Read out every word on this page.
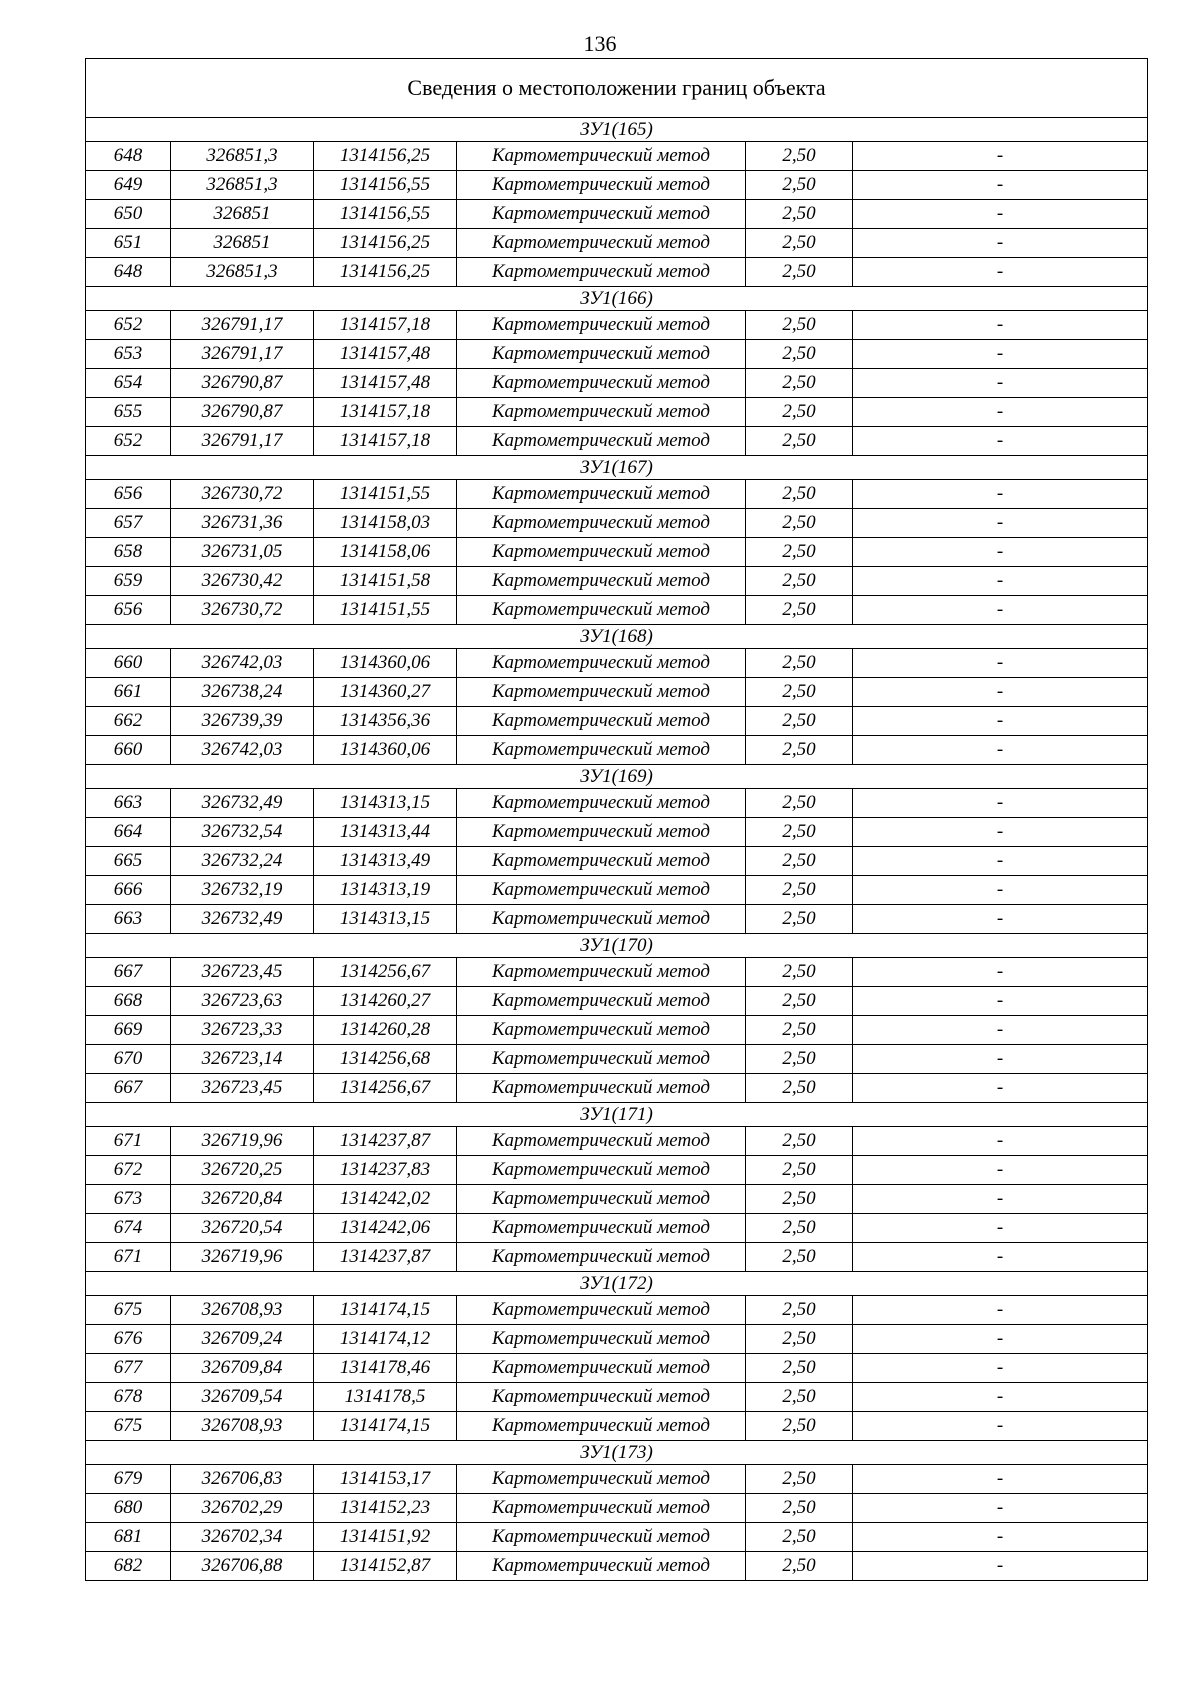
136
Сведения о местоположении границ объекта					
ЗУ1(165)					
648	326851,3	1314156,25	Картометрический метод	2,50	-
649	326851,3	1314156,55	Картометрический метод	2,50	-
650	326851	1314156,55	Картометрический метод	2,50	-
651	326851	1314156,25	Картометрический метод	2,50	-
648	326851,3	1314156,25	Картометрический метод	2,50	-
ЗУ1(166)					
652	326791,17	1314157,18	Картометрический метод	2,50	-
653	326791,17	1314157,48	Картометрический метод	2,50	-
654	326790,87	1314157,48	Картометрический метод	2,50	-
655	326790,87	1314157,18	Картометрический метод	2,50	-
652	326791,17	1314157,18	Картометрический метод	2,50	-
ЗУ1(167)					
656	326730,72	1314151,55	Картометрический метод	2,50	-
657	326731,36	1314158,03	Картометрический метод	2,50	-
658	326731,05	1314158,06	Картометрический метод	2,50	-
659	326730,42	1314151,58	Картометрический метод	2,50	-
656	326730,72	1314151,55	Картометрический метод	2,50	-
ЗУ1(168)					
660	326742,03	1314360,06	Картометрический метод	2,50	-
661	326738,24	1314360,27	Картометрический метод	2,50	-
662	326739,39	1314356,36	Картометрический метод	2,50	-
660	326742,03	1314360,06	Картометрический метод	2,50	-
ЗУ1(169)					
663	326732,49	1314313,15	Картометрический метод	2,50	-
664	326732,54	1314313,44	Картометрический метод	2,50	-
665	326732,24	1314313,49	Картометрический метод	2,50	-
666	326732,19	1314313,19	Картометрический метод	2,50	-
663	326732,49	1314313,15	Картометрический метод	2,50	-
ЗУ1(170)					
667	326723,45	1314256,67	Картометрический метод	2,50	-
668	326723,63	1314260,27	Картометрический метод	2,50	-
669	326723,33	1314260,28	Картометрический метод	2,50	-
670	326723,14	1314256,68	Картометрический метод	2,50	-
667	326723,45	1314256,67	Картометрический метод	2,50	-
ЗУ1(171)					
671	326719,96	1314237,87	Картометрический метод	2,50	-
672	326720,25	1314237,83	Картометрический метод	2,50	-
673	326720,84	1314242,02	Картометрический метод	2,50	-
674	326720,54	1314242,06	Картометрический метод	2,50	-
671	326719,96	1314237,87	Картометрический метод	2,50	-
ЗУ1(172)					
675	326708,93	1314174,15	Картометрический метод	2,50	-
676	326709,24	1314174,12	Картометрический метод	2,50	-
677	326709,84	1314178,46	Картометрический метод	2,50	-
678	326709,54	1314178,5	Картометрический метод	2,50	-
675	326708,93	1314174,15	Картометрический метод	2,50	-
ЗУ1(173)					
679	326706,83	1314153,17	Картометрический метод	2,50	-
680	326702,29	1314152,23	Картометрический метод	2,50	-
681	326702,34	1314151,92	Картометрический метод	2,50	-
682	326706,88	1314152,87	Картометрический метод	2,50	-
